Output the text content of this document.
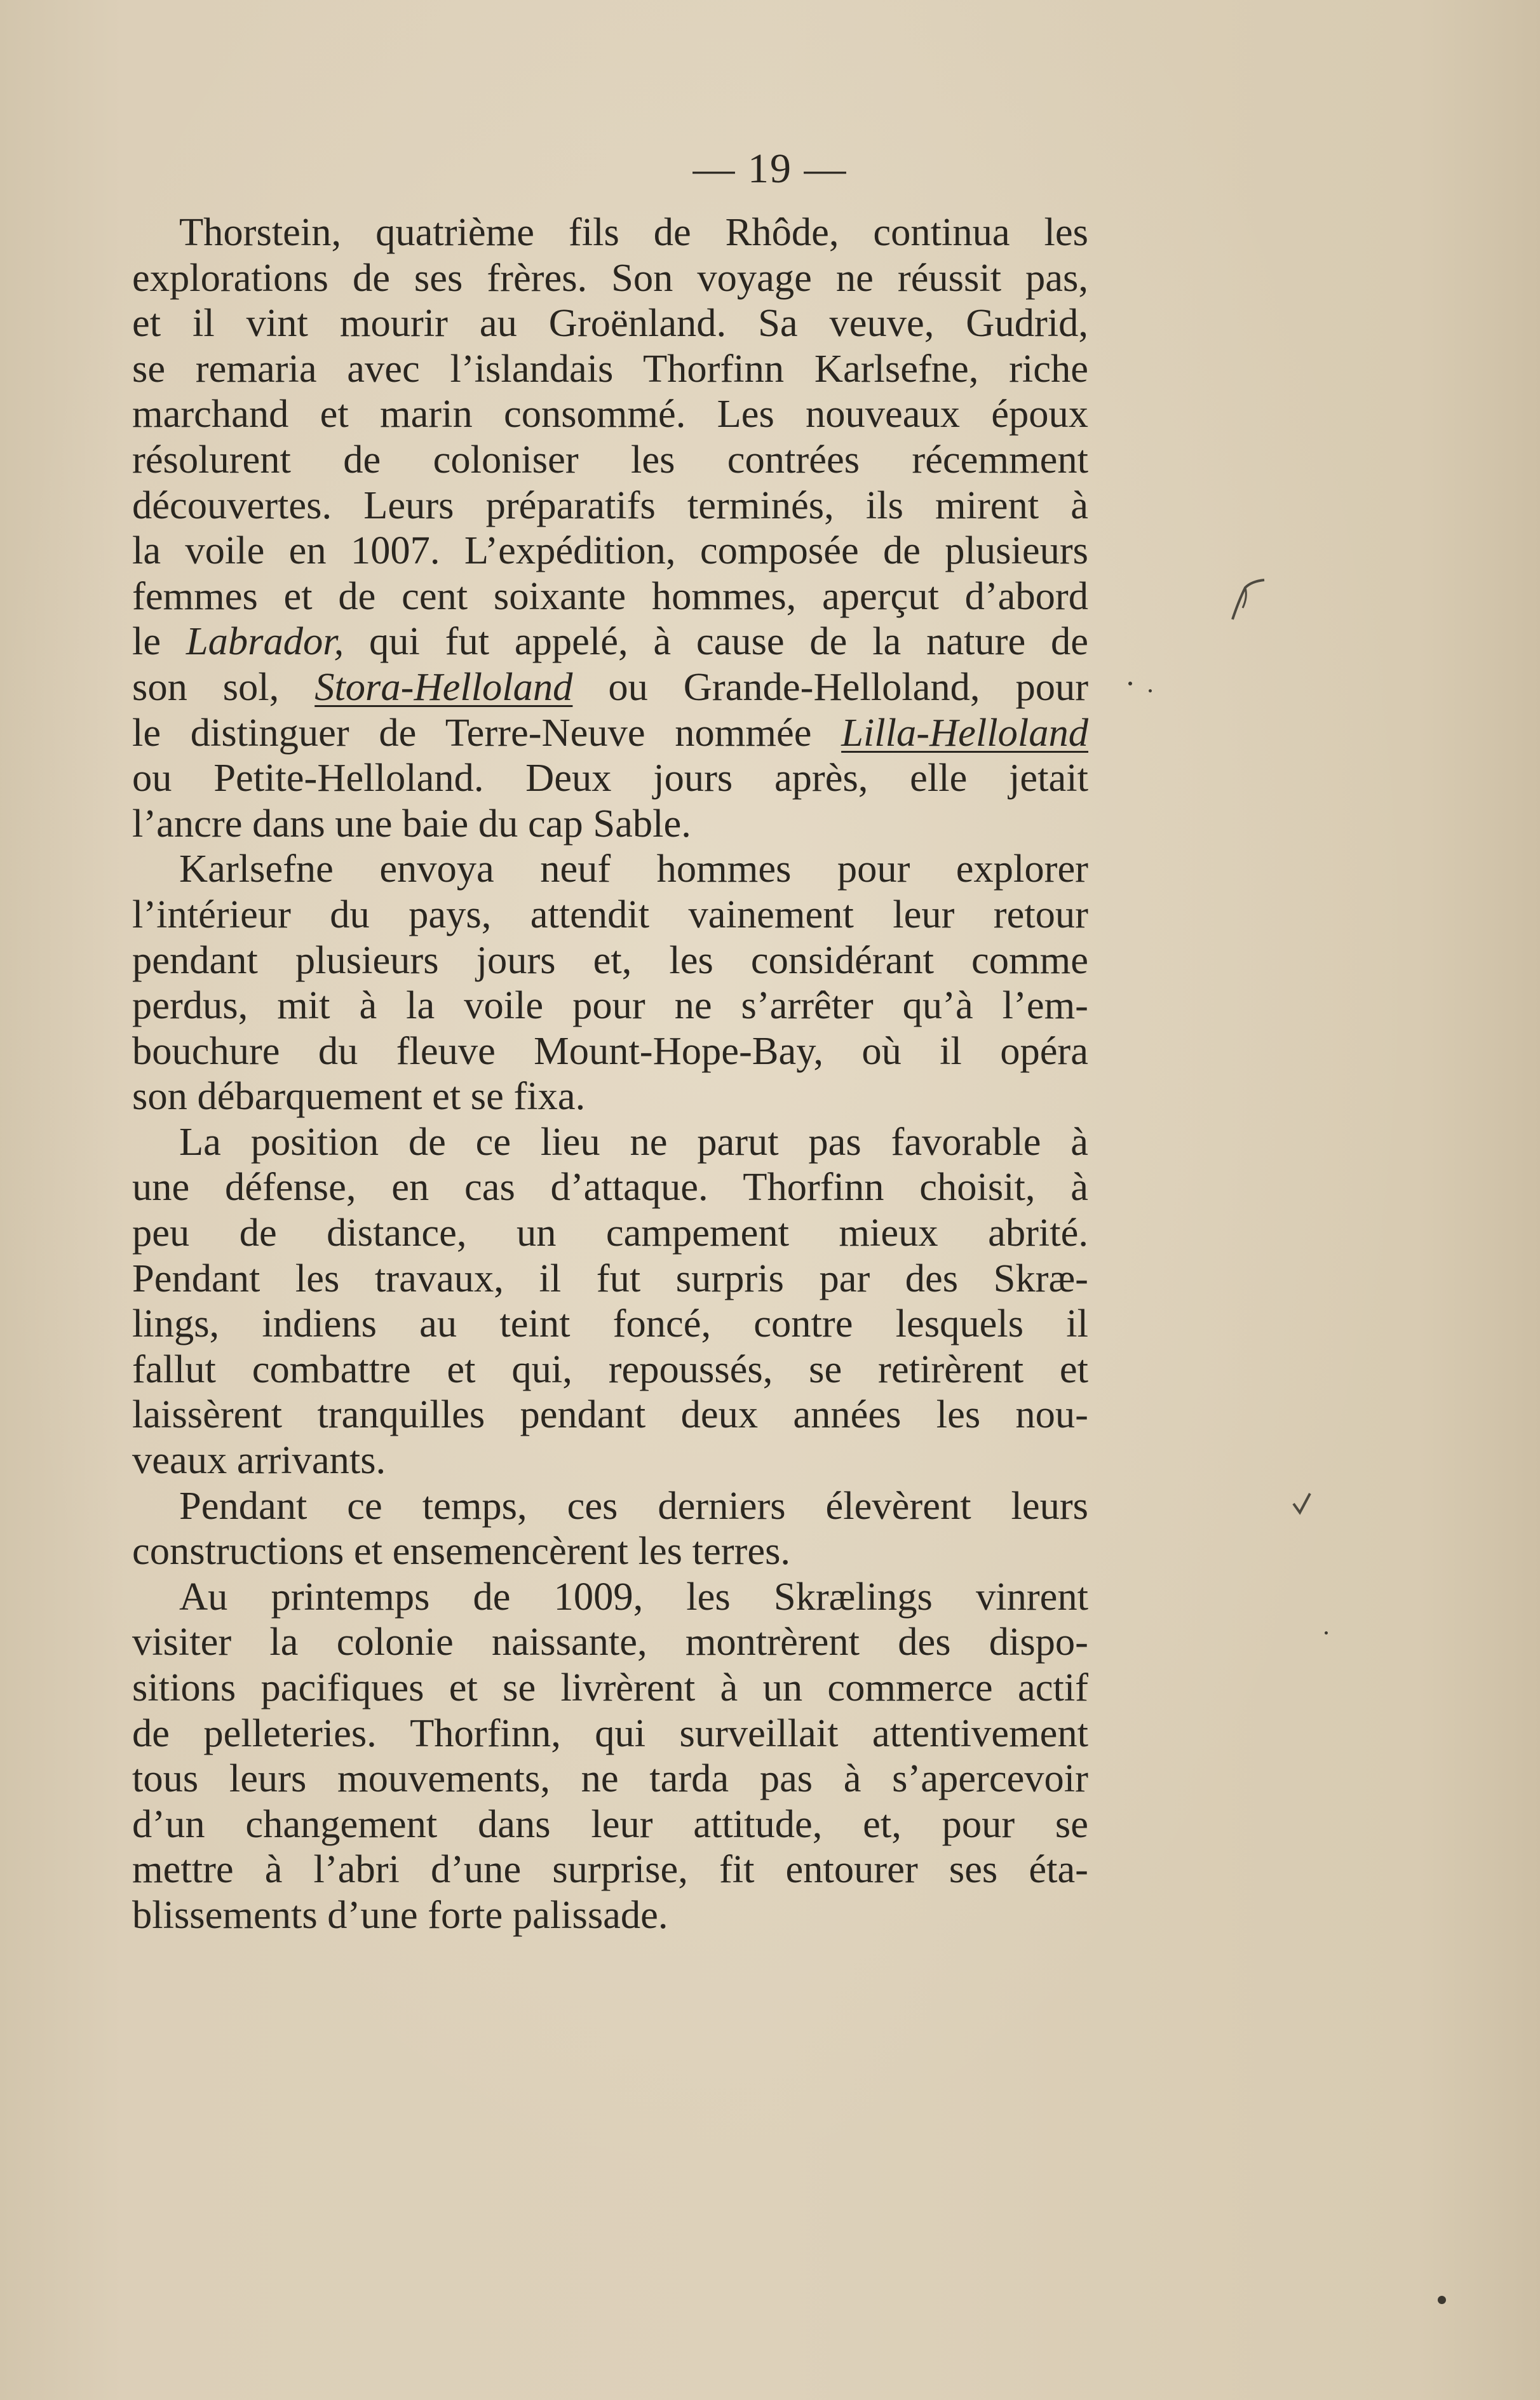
— 19 —
Thorstein, quatrième fils de Rhôde, continua les
explorations de ses frères. Son voyage ne réussit pas,
et il vint mourir au Groënland. Sa veuve, Gudrid,
se remaria avec l’islandais Thorfinn Karlsefne, riche
marchand et marin consommé. Les nouveaux époux
résolurent de coloniser les contrées récemment
découvertes. Leurs préparatifs terminés, ils mirent à
la voile en 1007. L’expédition, composée de plusieurs
femmes et de cent soixante hommes, aperçut d’abord
le Labrador, qui fut appelé, à cause de la nature de
son sol, Stora-Helloland ou Grande-Helloland, pour
le distinguer de Terre-Neuve nommée Lilla-Helloland
ou Petite-Helloland. Deux jours après, elle jetait
l’ancre dans une baie du cap Sable.
Karlsefne envoya neuf hommes pour explorer
l’intérieur du pays, attendit vainement leur retour
pendant plusieurs jours et, les considérant comme
perdus, mit à la voile pour ne s’arrêter qu’à l’em-
bouchure du fleuve Mount-Hope-Bay, où il opéra
son débarquement et se fixa.
La position de ce lieu ne parut pas favorable à
une défense, en cas d’attaque. Thorfinn choisit, à
peu de distance, un campement mieux abrité.
Pendant les travaux, il fut surpris par des Skræ-
lings, indiens au teint foncé, contre lesquels il
fallut combattre et qui, repoussés, se retirèrent et
laissèrent tranquilles pendant deux années les nou-
veaux arrivants.
Pendant ce temps, ces derniers élevèrent leurs
constructions et ensemencèrent les terres.
Au printemps de 1009, les Skrælings vinrent
visiter la colonie naissante, montrèrent des dispo-
sitions pacifiques et se livrèrent à un commerce actif
de pelleteries. Thorfinn, qui surveillait attentivement
tous leurs mouvements, ne tarda pas à s’apercevoir
d’un changement dans leur attitude, et, pour se
mettre à l’abri d’une surprise, fit entourer ses éta-
blissements d’une forte palissade.
